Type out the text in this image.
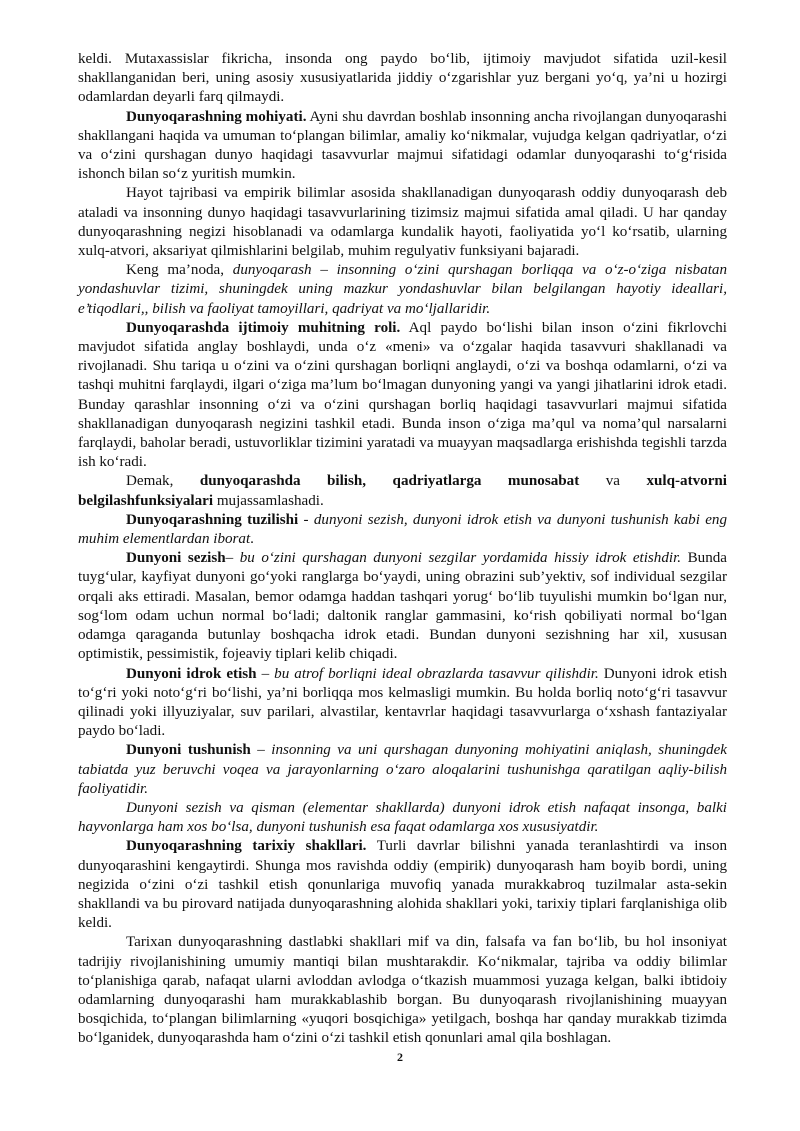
keldi. Mutaxassislar fikricha, insonda ong paydo bo‘lib, ijtimoiy mavjudot sifatida uzil-kesil shakllanganidan beri, uning asosiy xususiyatlarida jiddiy o‘zgarishlar yuz bergani yo‘q, ya’ni u hozirgi odamlardan deyarli farq qilmaydi.

Dunyoqarashning mohiyati. Ayni shu davrdan boshlab insonning ancha rivojlangan dunyoqarashi shakllangani haqida va umuman to‘plangan bilimlar, amaliy ko‘nikmalar, vujudga kelgan qadriyatlar, o‘zi va o‘zini qurshagan dunyo haqidagi tasavvurlar majmui sifatidagi odamlar dunyoqarashi to‘g‘risida ishonch bilan so‘z yuritish mumkin.

Hayot tajribasi va empirik bilimlar asosida shakllanadigan dunyoqarash oddiy dunyoqarash deb ataladi va insonning dunyo haqidagi tasavvurlarining tizimsiz majmui sifatida amal qiladi. U har qanday dunyoqarashning negizi hisoblanadi va odamlarga kundalik hayoti, faoliyatida yo‘l ko‘rsatib, ularning xulq-atvori, aksariyat qilmishlarini belgilab, muhim regulyativ funksiyani bajaradi.

Keng ma’noda, dunyoqarash – insonning o‘zini qurshagan borliqqa va o‘z-o‘ziga nisbatan yondashuvlar tizimi, shuningdek uning mazkur yondashuvlar bilan belgilangan hayotiy ideallari, e’tiqodlari,, bilish va faoliyat tamoyillari, qadriyat va mo‘ljallaridir.

Dunyoqarashda ijtimoiy muhitning roli. Aql paydo bo‘lishi bilan inson o‘zini fikrlovchi mavjudot sifatida anglay boshlaydi, unda o‘z «meni» va o‘zgalar haqida tasavvuri shakllanadi va rivojlanadi. Shu tariqa u o‘zini va o‘zini qurshagan borliqni anglaydi, o‘zi va boshqa odamlarni, o‘zi va tashqi muhitni farqlaydi, ilgari o‘ziga ma’lum bo‘lmagan dunyoning yangi va yangi jihatlarini idrok etadi. Bunday qarashlar insonning o‘zi va o‘zini qurshagan borliq haqidagi tasavvurlari majmui sifatida shakllanadigan dunyoqarash negizini tashkil etadi. Bunda inson o‘ziga ma’qul va noma’qul narsalarni farqlaydi, baholar beradi, ustuvorliklar tizimini yaratadi va muayyan maqsadlarga erishishda tegishli tarzda ish ko‘radi.

Demak, dunyoqarashda bilish, qadriyatlarga munosabat va xulq-atvorni belgilashfunksiyalari mujassamlashadi.

Dunyoqarashning tuzilishi - dunyoni sezish, dunyoni idrok etish va dunyoni tushunish kabi eng muhim elementlardan iborat.

Dunyoni sezish– bu o‘zini qurshagan dunyoni sezgilar yordamida hissiy idrok etishdir. Bunda tuyg‘ular, kayfiyat dunyoni go‘yoki ranglarga bo‘yaydi, uning obrazini sub’yektiv, sof individual sezgilar orqali aks ettiradi. Masalan, bemor odamga haddan tashqari yorug‘ bo‘lib tuyulishi mumkin bo‘lgan nur, sog‘lom odam uchun normal bo‘ladi; daltonik ranglar gammasini, ko‘rish qobiliyati normal bo‘lgan odamga qaraganda butunlay boshqacha idrok etadi. Bundan dunyoni sezishning har xil, xususan optimistik, pessimistik, fojeaviy tiplari kelib chiqadi.

Dunyoni idrok etish – bu atrof borliqni ideal obrazlarda tasavvur qilishdir. Dunyoni idrok etish to‘g‘ri yoki noto‘g‘ri bo‘lishi, ya’ni borliqqa mos kelmasligi mumkin. Bu holda borliq noto‘g‘ri tasavvur qilinadi yoki illyuziyalar, suv parilari, alvastilar, kentavrlar haqidagi tasavvurlarga o‘xshash fantaziyalar paydo bo‘ladi.

Dunyoni tushunish – insonning va uni qurshagan dunyoning mohiyatini aniqlash, shuningdek tabiatda yuz beruvchi voqea va jarayonlarning o‘zaro aloqalarini tushunishga qaratilgan aqliy-bilish faoliyatidir.

Dunyoni sezish va qisman (elementar shakllarda) dunyoni idrok etish nafaqat insonga, balki hayvonlarga ham xos bo‘lsa, dunyoni tushunish esa faqat odamlarga xos xususiyatdir.

Dunyoqarashning tarixiy shakllari. Turli davrlar bilishni yanada teranlashtirdi va inson dunyoqarashini kengaytirdi. Shunga mos ravishda oddiy (empirik) dunyoqarash ham boyib bordi, uning negizida o‘zini o‘zi tashkil etish qonunlariga muvofiq yanada murakkabroq tuzilmalar asta-sekin shakllandi va bu pirovard natijada dunyoqarashning alohida shakllari yoki, tarixiy tiplari farqlanishiga olib keldi.

Tarixan dunyoqarashning dastlabki shakllari mif va din, falsafa va fan bo‘lib, bu hol insoniyat tadrijiy rivojlanishining umumiy mantiqi bilan mushtarakdir. Ko‘nikmalar, tajriba va oddiy bilimlar to‘planishiga qarab, nafaqat ularni avloddan avlodga o‘tkazish muammosi yuzaga kelgan, balki ibtidoiy odamlarning dunyoqarashi ham murakkablashib borgan. Bu dunyoqarash rivojlanishining muayyan bosqichida, to‘plangan bilimlarning «yuqori bosqichiga» yetilgach, boshqa har qanday murakkab tizimda bo‘lganidek, dunyoqarashda ham o‘zini o‘zi tashkil etish qonunlari amal qila boshlagan.

2
